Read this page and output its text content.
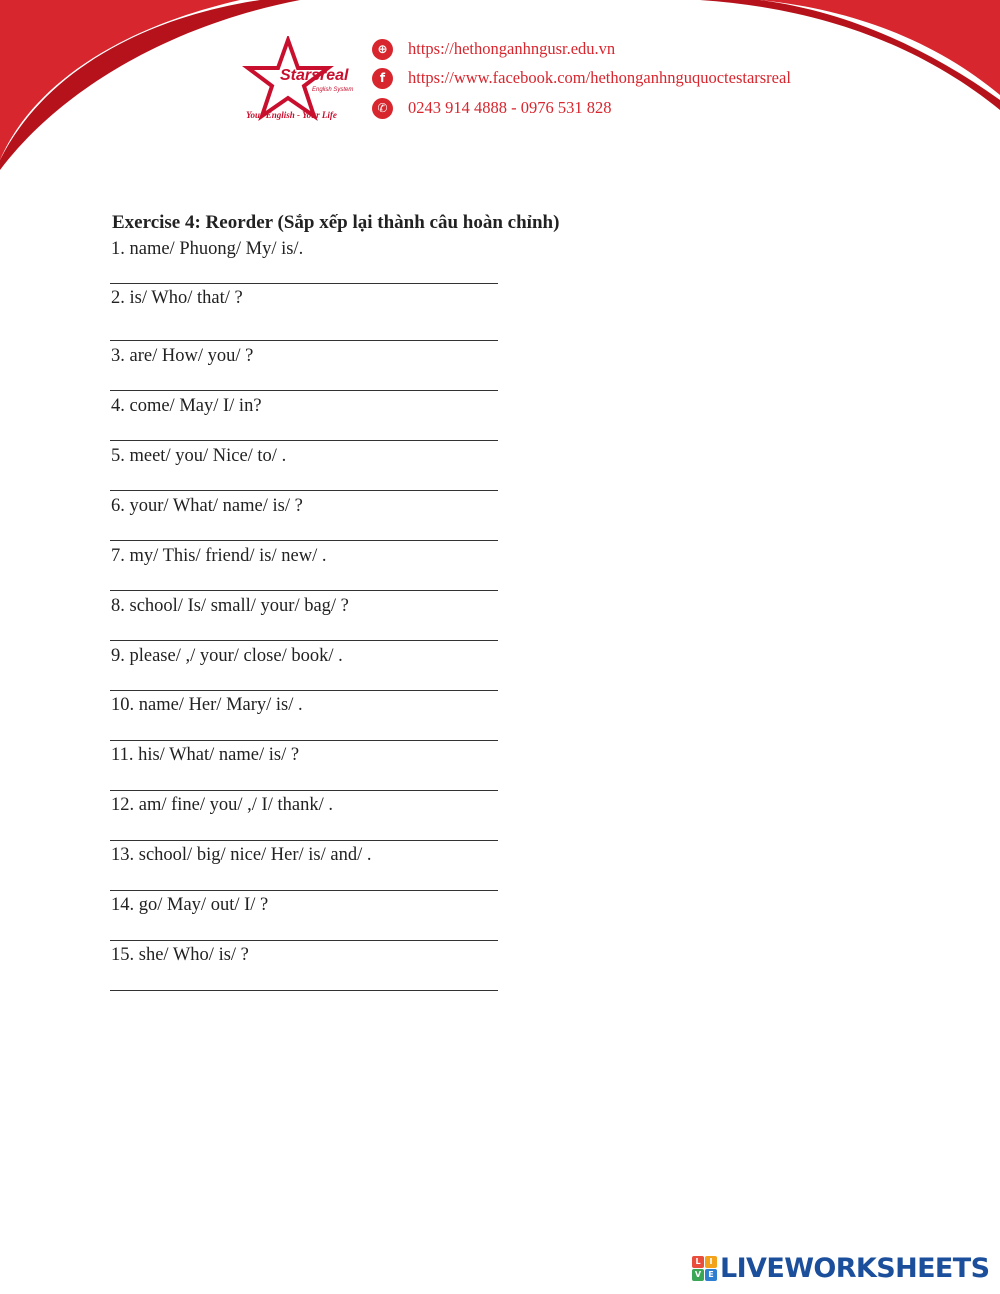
Starsreal
English System
Your English - Your Life
⊕	https://hethonganhngusr.edu.vn
f	https://www.facebook.com/hethonganhnguquoctestarsreal
✆	0243 914 4888 - 0976 531 828
Exercise 4: Reorder (Sắp xếp lại thành câu hoàn chỉnh)
1. name/ Phuong/ My/ is/.
2. is/ Who/ that/ ?
3. are/ How/ you/ ?
4. come/ May/ I/ in?
5. meet/ you/ Nice/ to/ .
6. your/ What/ name/ is/ ?
7. my/ This/ friend/ is/ new/ .
8. school/ Is/ small/ your/ bag/ ?
9. please/ ,/ your/ close/ book/ .
10. name/ Her/ Mary/ is/ .
11. his/ What/ name/ is/ ?
12. am/ fine/ you/ ,/ I/ thank/ .
13. school/ big/ nice/ Her/ is/ and/ .
14. go/ May/ out/ I/ ?
15. she/ Who/ is/ ?
L	I
V E LIVEWORKSHEETS
